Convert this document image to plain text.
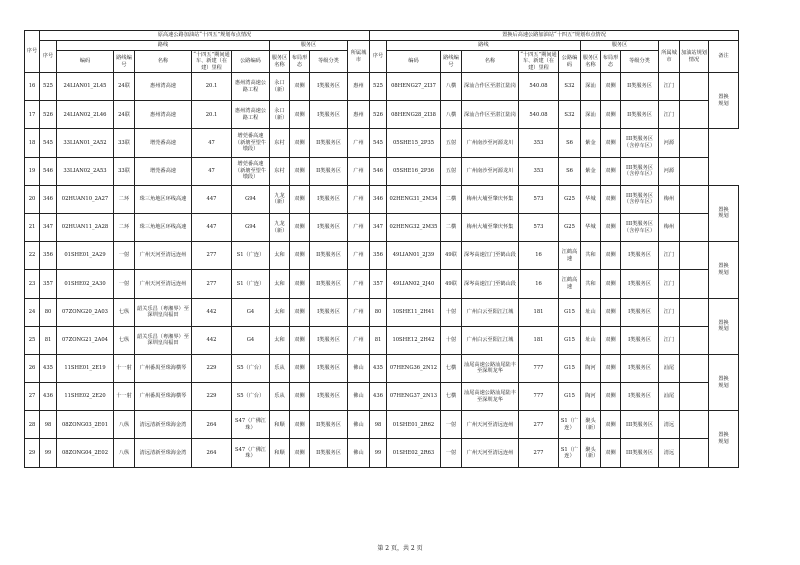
序号	原高速公路加油站“十四五”规划布点情况										置换后高速公路加油站“十四五”规划布点情况											
	序号	路线					服务区			所属城市	序号	路线					服务区			所属城市	加油站规划情况	备注
		编码	路线编号	名称	“十四五”期间通车、新建（在建）里程	公路编码	服务区名称	布局形态	等级分类			编码	路线编号	名称	“十四五”期间通车、新建（在建）里程	公路编码	服务区名称	布局形态	等级分类			
16	525	24LIAN01_2L45	24联	惠州湾高速	20.1	惠州湾高速公路工程	永口（新）	双侧	I类服务区	惠州	525	08HENG27_2I37	八横	深汕合作区至湛江陆岗	540.08	S32	深汕	双侧	II类服务区	江门		置换规划
17	526	24LIAN02_2L46	24联	惠州湾高速	20.1	惠州湾高速公路工程	永口（新）	双侧	I类服务区	惠州	526	08HENG28_2I38	八横	深汕合作区至湛江陆岗	540.08	S32	深汕	双侧	II类服务区	江门		
18	545	33LIAN01_2A52	33联	增莞番高速	47	增莞番高速（新塘至望牛墩段）	东村	双侧	II类服务区	广州	545	05SHE15_2P35	五射	广州南沙至河源龙川	353	S6	紫金	双侧	III类服务区（含停车区）	河源		
19	546	33LIAN02_2A53	33联	增莞番高速	47	增莞番高速（新塘至望牛墩段）	东村	双侧	II类服务区	广州	546	05SHE16_2P36	五射	广州南沙至河源龙川	353	S6	紫金	双侧	III类服务区（含停车区）	河源		
20	346	02HUAN10_2A27	二环	珠三角地区环线高速	447	G94	九龙（新）	双侧	I类服务区	广州	346	02HENG31_2M34	二横	梅州大埔至肇庆怀集	573	G25	华城	双侧	III类服务区（含停车区）	梅州		置换规划
21	347	02HUAN11_2A28	二环	珠三角地区环线高速	447	G94	九龙（新）	双侧	I类服务区	广州	347	02HENG32_2M35	二横	梅州大埔至肇庆怀集	573	G25	华城	双侧	III类服务区（含停车区）	梅州		
22	356	01SHE01_2A29	一射	广州天河至清远连州	277	S1（广连）	太和	双侧	II类服务区	广州	356	49LIAN01_2J39	49联	深岑高速江门至鹤山段	16	江鹤高速	共和	双侧	I类服务区	江门		置换规划
23	357	01SHE02_2A30	一射	广州天河至清远连州	277	S1（广连）	太和	双侧	II类服务区	广州	357	49LIAN02_2J40	49联	深岑高速江门至鹤山段	16	江鹤高速	共和	双侧	I类服务区	江门		
24	80	07ZONG20_2A03	七纵	韶关乐昌（粤湘界）至深圳皇岗福田	442	G4	太和	双侧	I类服务区	广州	80	10SHE11_2H41	十射	广州白云至阳江江城	181	G15	址山	双侧	I类服务区	江门		置换规划
25	81	07ZONG21_2A04	七纵	韶关乐昌（粤湘界）至深圳皇岗福田	442	G4	太和	双侧	I类服务区	广州	81	10SHE12_2H42	十射	广州白云至阳江江城	181	G15	址山	双侧	I类服务区	江门		
26	435	11SHE01_2E19	十一射	广州番禺至珠海横琴	229	S5（广台）	乐从	双侧	I类服务区	佛山	435	07HENG36_2N12	七横	汕尾高速公路汕尾陆丰至深圳龙华	777	G15	陶河	双侧	I类服务区	汕尾		置换规划
27	436	11SHE02_2E20	十一射	广州番禺至珠海横琴	229	S5（广台）	乐从	双侧	I类服务区	佛山	436	07HENG37_2N13	七横	汕尾高速公路汕尾陆丰至深圳龙华	777	G15	陶河	双侧	I类服务区	汕尾		
28	98	08ZONG03_2E01	八纵	清远清新至珠海金湾	264	S47（广佛江珠）	和顺	双侧	II类服务区	佛山	98	01SHE01_2R62	一射	广州天河至清远连州	277	S1（广连）	聚头（新）	双侧	III类服务区	清远		置换规划
29	99	08ZONG04_2E02	八纵	清远清新至珠海金湾	264	S47（广佛江珠）	和顺	双侧	II类服务区	佛山	99	01SHE02_2R63	一射	广州天河至清远连州	277	S1（广连）	聚头（新）	双侧	III类服务区	清远		
第 2 页，共 2 页
